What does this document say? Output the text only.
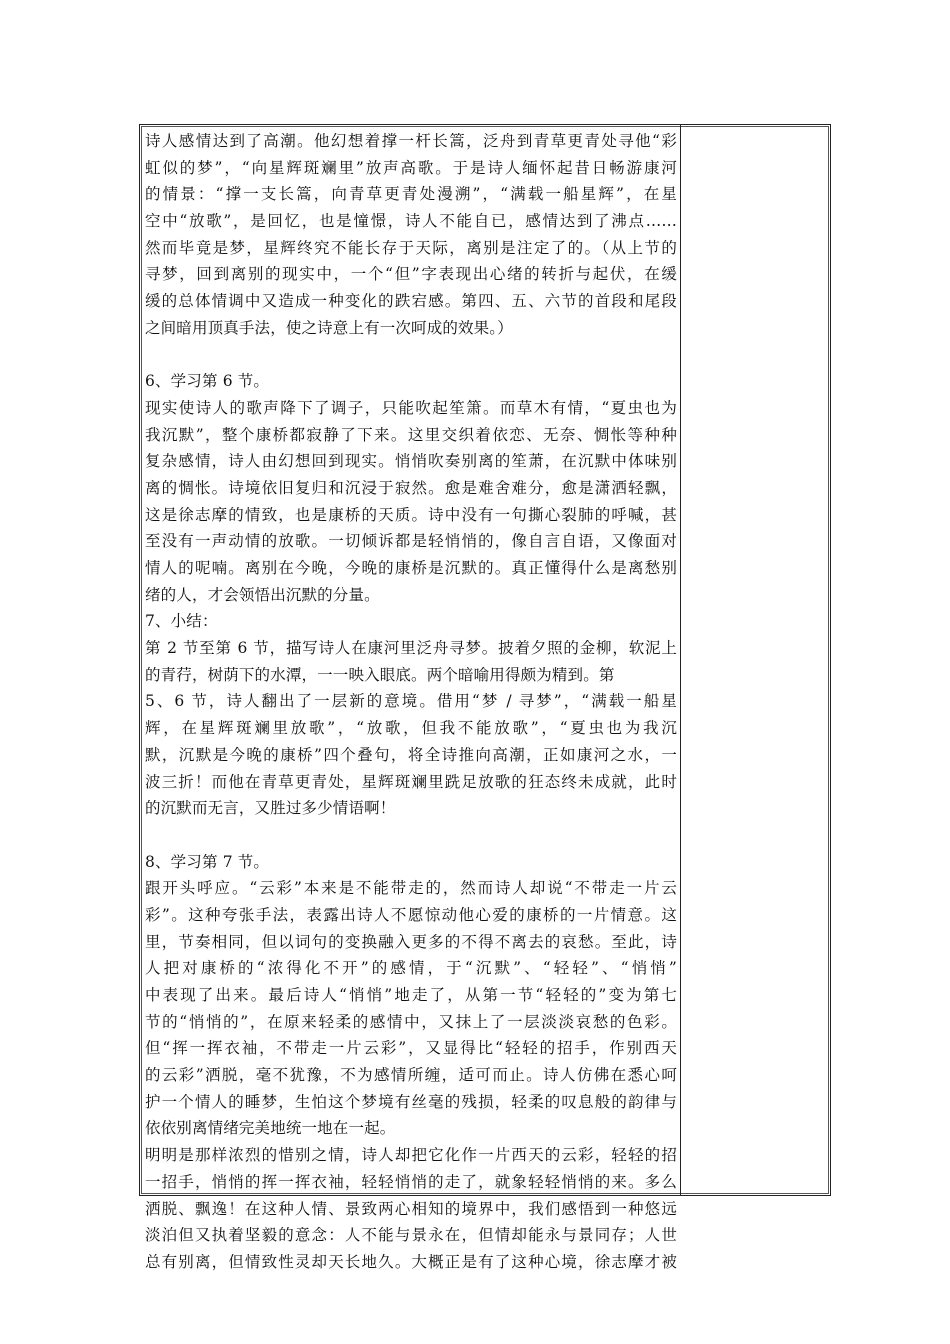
诗人感情达到了高潮。他幻想着撑一杆长篙，泛舟到青草更青处寻他“彩
虹似的梦”，“向星辉斑斓里”放声高歌。于是诗人缅怀起昔日畅游康河
的情景：“撑一支长篙，向青草更青处漫溯”，“满载一船星辉”，在星
空中“放歌”，是回忆，也是憧憬，诗人不能自已，感情达到了沸点……
然而毕竟是梦，星辉终究不能长存于天际，离别是注定了的。（从上节的
寻梦，回到离别的现实中，一个“但”字表现出心绪的转折与起伏，在缓
缓的总体情调中又造成一种变化的跌宕感。第四、五、六节的首段和尾段
之间暗用顶真手法，使之诗意上有一次呵成的效果。）
6、学习第 6 节。
现实使诗人的歌声降下了调子，只能吹起笙箫。而草木有情，“夏虫也为
我沉默”，整个康桥都寂静了下来。这里交织着依恋、无奈、惆怅等种种
复杂感情，诗人由幻想回到现实。悄悄吹奏别离的笙萧，在沉默中体味别
离的惆怅。诗境依旧复归和沉浸于寂然。愈是难舍难分，愈是潇洒轻飘，
这是徐志摩的情致，也是康桥的天质。诗中没有一句撕心裂肺的呼喊，甚
至没有一声动情的放歌。一切倾诉都是轻悄悄的，像自言自语，又像面对
情人的呢喃。离别在今晚，今晚的康桥是沉默的。真正懂得什么是离愁别
绪的人，才会领悟出沉默的分量。
7、小结：
第 2 节至第 6 节，描写诗人在康河里泛舟寻梦。披着夕照的金柳，软泥上
的青荇，树荫下的水潭，一一映入眼底。两个暗喻用得颇为精到。第
5、6 节，诗人翻出了一层新的意境。借用“梦 / 寻梦”，“满载一船星
辉，在星辉斑斓里放歌”，“放歌，但我不能放歌”，“夏虫也为我沉
默，沉默是今晚的康桥”四个叠句，将全诗推向高潮，正如康河之水，一
波三折！而他在青草更青处，星辉斑斓里跣足放歌的狂态终未成就，此时
的沉默而无言，又胜过多少情语啊！
8、学习第 7 节。
跟开头呼应。“云彩”本来是不能带走的，然而诗人却说“不带走一片云
彩”。这种夸张手法，表露出诗人不愿惊动他心爱的康桥的一片情意。这
里，节奏相同，但以词句的变换融入更多的不得不离去的哀愁。至此，诗
人把对康桥的“浓得化不开”的感情，于“沉默”、“轻轻”、“悄悄”
中表现了出来。最后诗人“悄悄”地走了，从第一节“轻轻的”变为第七
节的“悄悄的”，在原来轻柔的感情中，又抹上了一层淡淡哀愁的色彩。
但“挥一挥衣袖，不带走一片云彩”，又显得比“轻轻的招手，作别西天
的云彩”洒脱，毫不犹豫，不为感情所缠，适可而止。诗人仿佛在悉心呵
护一个情人的睡梦，生怕这个梦境有丝毫的残损，轻柔的叹息般的韵律与
依依别离情绪完美地统一地在一起。
明明是那样浓烈的惜别之情，诗人却把它化作一片西天的云彩，轻轻的招
一招手，悄悄的挥一挥衣袖，轻轻悄悄的走了，就象轻轻悄悄的来。多么
洒脱、飘逸！在这种人情、景致两心相知的境界中，我们感悟到一种悠远
淡泊但又执着坚毅的意念：人不能与景永在，但情却能永与景同存；人世
总有别离，但情致性灵却天长地久。大概正是有了这种心境，徐志摩才被
